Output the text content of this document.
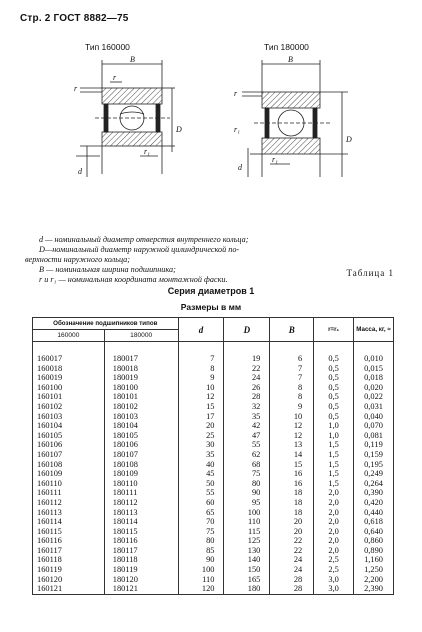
Стр. 2 ГОСТ 8882—75
Тип 160000	Тип 180000
B
r
r
r₁
d
D
B
r
r₁
r₁
d
D
d — номинальный диаметр отверстия внутреннего кольца;
D—номинальный диаметр наружной цилиндрической по-
верхности наружного кольца;
B — номинальная ширина подшипника;
r и r₁ — номинальная координата монтажной фаски.
Таблица 1
Серия диаметров 1
Размеры в мм
Обозначение подшипников типов		d	D	B	r=r₁	Масса, кг, ≈
160000	180000					

160017	180017	7	19	6	0,5	0,010
160018	180018	8	22	7	0,5	0,015
160019	180019	9	24	7	0,5	0,018
160100	180100	10	26	8	0,5	0,020
160101	180101	12	28	8	0,5	0,022
160102	180102	15	32	9	0,5	0,031
160103	180103	17	35	10	0,5	0,040
160104	180104	20	42	12	1,0	0,070
160105	180105	25	47	12	1,0	0,081
160106	180106	30	55	13	1,5	0,119
160107	180107	35	62	14	1,5	0,159
160108	180108	40	68	15	1,5	0,195
160109	180109	45	75	16	1,5	0,249
160110	180110	50	80	16	1,5	0,264
160111	180111	55	90	18	2,0	0,390
160112	180112	60	95	18	2,0	0,420
160113	180113	65	100	18	2,0	0,440
160114	180114	70	110	20	2,0	0,618
160115	180115	75	115	20	2,0	0,640
160116	180116	80	125	22	2,0	0,860
160117	180117	85	130	22	2,0	0,890
160118	180118	90	140	24	2,5	1,160
160119	180119	100	150	24	2,5	1,250
160120	180120	110	165	28	3,0	2,200
160121	180121	120	180	28	3,0	2,390
